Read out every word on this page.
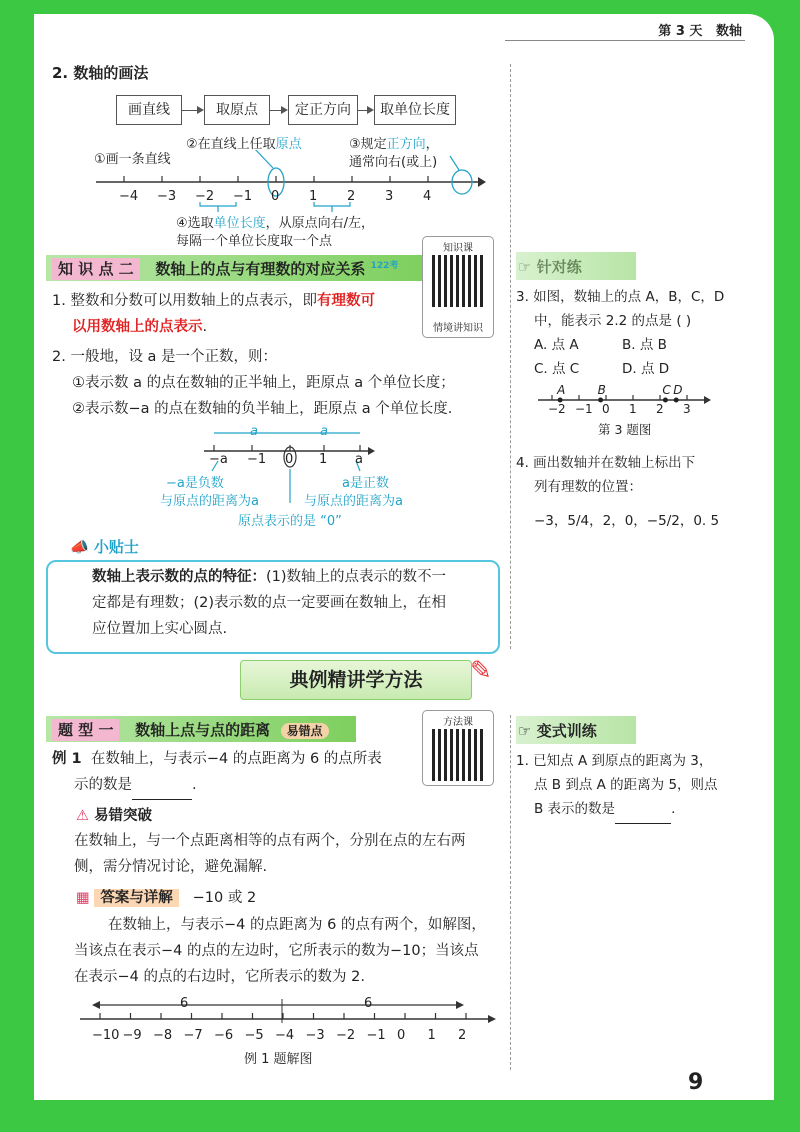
第 3 天 数轴
2. 数轴的画法
画直线	取原点	定正方向	取单位长度
②在直线上任取原点
①画一条直线
③规定正方向，
通常向右(或上)
−4 −3 −2 −1 0 1 2 3 4
④选取单位长度，从原点向右/左，
每隔一个单位长度取一个点
知 识 点 二 数轴上的点与有理数的对应关系 $^{122考}$
知识课
情境讲知识
1. 整数和分数可以用数轴上的点表示，即有理数可
以用数轴上的点表示.
2. 一般地，设 a 是一个正数，则：
①表示数 a 的点在数轴的正半轴上，距原点 a 个单位长度；
②表示数−a 的点在数轴的负半轴上，距原点 a 个单位长度.
a	a
−a −1 0 1 a
−a是负数
与原点的距离为a
a是正数
与原点的距离为a
原点表示的是 “0”
📣 小贴士
数轴上表示数的点的特征：(1)数轴上的点表示的数不一
定都是有理数；(2)表示数的点一定要画在数轴上，在相
应位置加上实心圆点.
典例精讲学方法	✎
3. 如图，数轴上的点 A，B，C，D
中，能表示 2.2 的点是 ( )
A. 点 A	B. 点 B
C. 点 C	D. 点 D
A	B	C D
−2 −1 0 1 2 3
第 3 题图
4. 画出数轴并在数轴上标出下
列有理数的位置：
−3，5/4，2，0，−5/2，0. 5
题 型 一 数轴上点与点的距离 易错点
方法课
例 1 在数轴上，与表示−4 的点距离为 6 的点所表
示的数是	.
⚠ 易错突破
在数轴上，与一个点距离相等的点有两个，分别在点的左右两
侧，需分情况讨论，避免漏解.
▦ 答案与详解 −10 或 2
在数轴上，与表示−4 的点距离为 6 的点有两个，如解图，
当该点在表示−4 的点的左边时，它所表示的数为−10；当该点
在表示−4 的点的右边时，它所表示的数为 2.
6	6
−10 −9 −8 −7 −6 −5 −4 −3 −2 −1 0 1 2
例 1 题解图
☞ 变式训练
1. 已知点 A 到原点的距离为 3，
点 B 到点 A 的距离为 5，则点
B 表示的数是	.
9
